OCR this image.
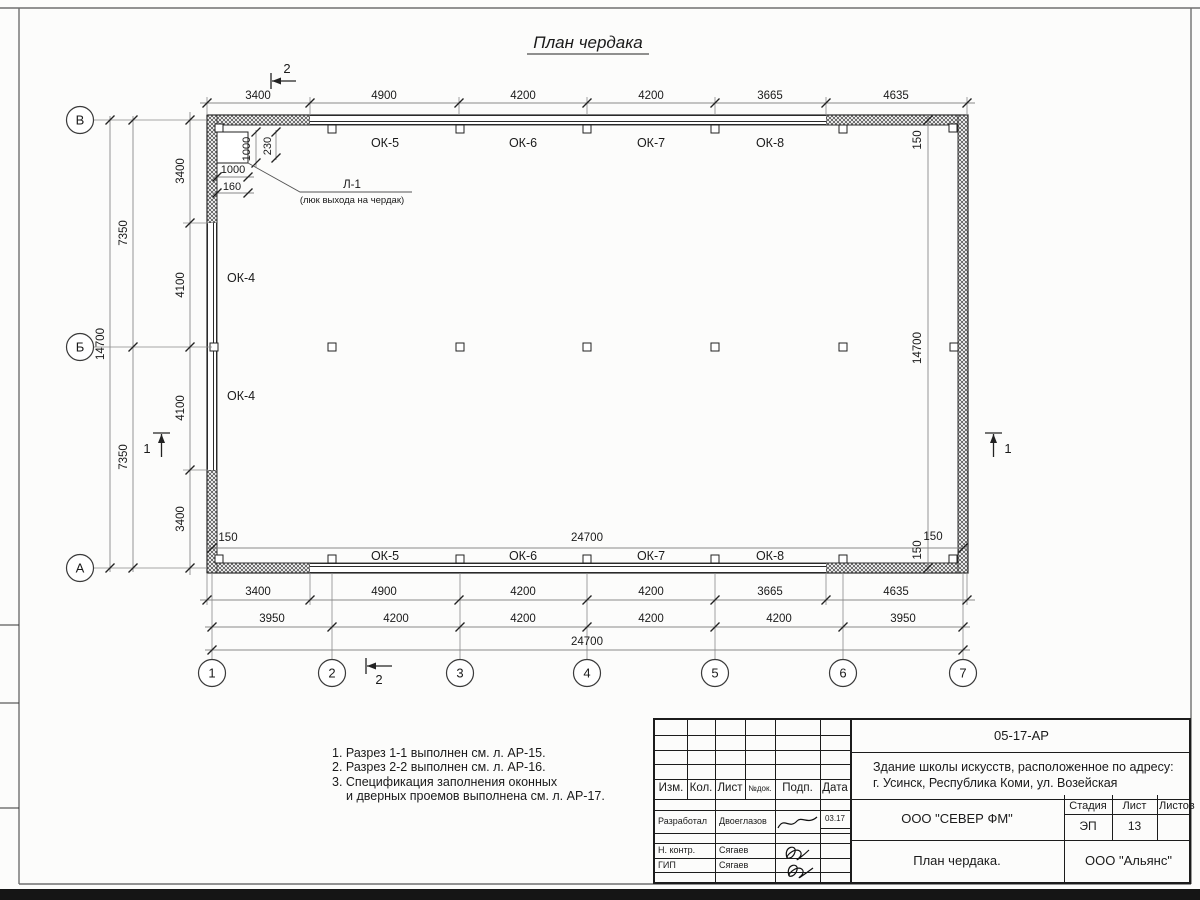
План чердака
1000 230
1000
160	Л-1
(люк выхода на чердак)
ОК-5	ОК-6	ОК-7	ОК-8
ОК-5	ОК-6	ОК-7	ОК-8
ОК-4
ОК-4
3400	4900	4200	4200	3665	4635
3400	4900	4200	4200	3665	4635
3950	4200	4200	4200	4200	3950
24700
3400
4100
4100
3400
7350
7350
14700
150	24700	150
150
14700
150
В
Б
А
1	2	3	4	5	6	7
2
2
1	1
1. Разрез 1-1 выполнен см. л. АР-15.
2. Разрез 2-2 выполнен см. л. АР-16.
3. Спецификация заполнения оконных
и дверных проемов выполнена см. л. АР-17.
Изм. Кол. Лист №док. Подп. Дата
Разработал	Двоеглазов	03.17
Н. контр.	Сягаев
ГИП	Сягаев
05-17-АР
Здание школы искусств, расположенное по адресу:
г. Усинск, Республика Коми, ул. Возейская
ООО "СЕВЕР ФМ"
Стадия	Лист	Листов
ЭП	13
План чердака.	ООО "Альянс"
